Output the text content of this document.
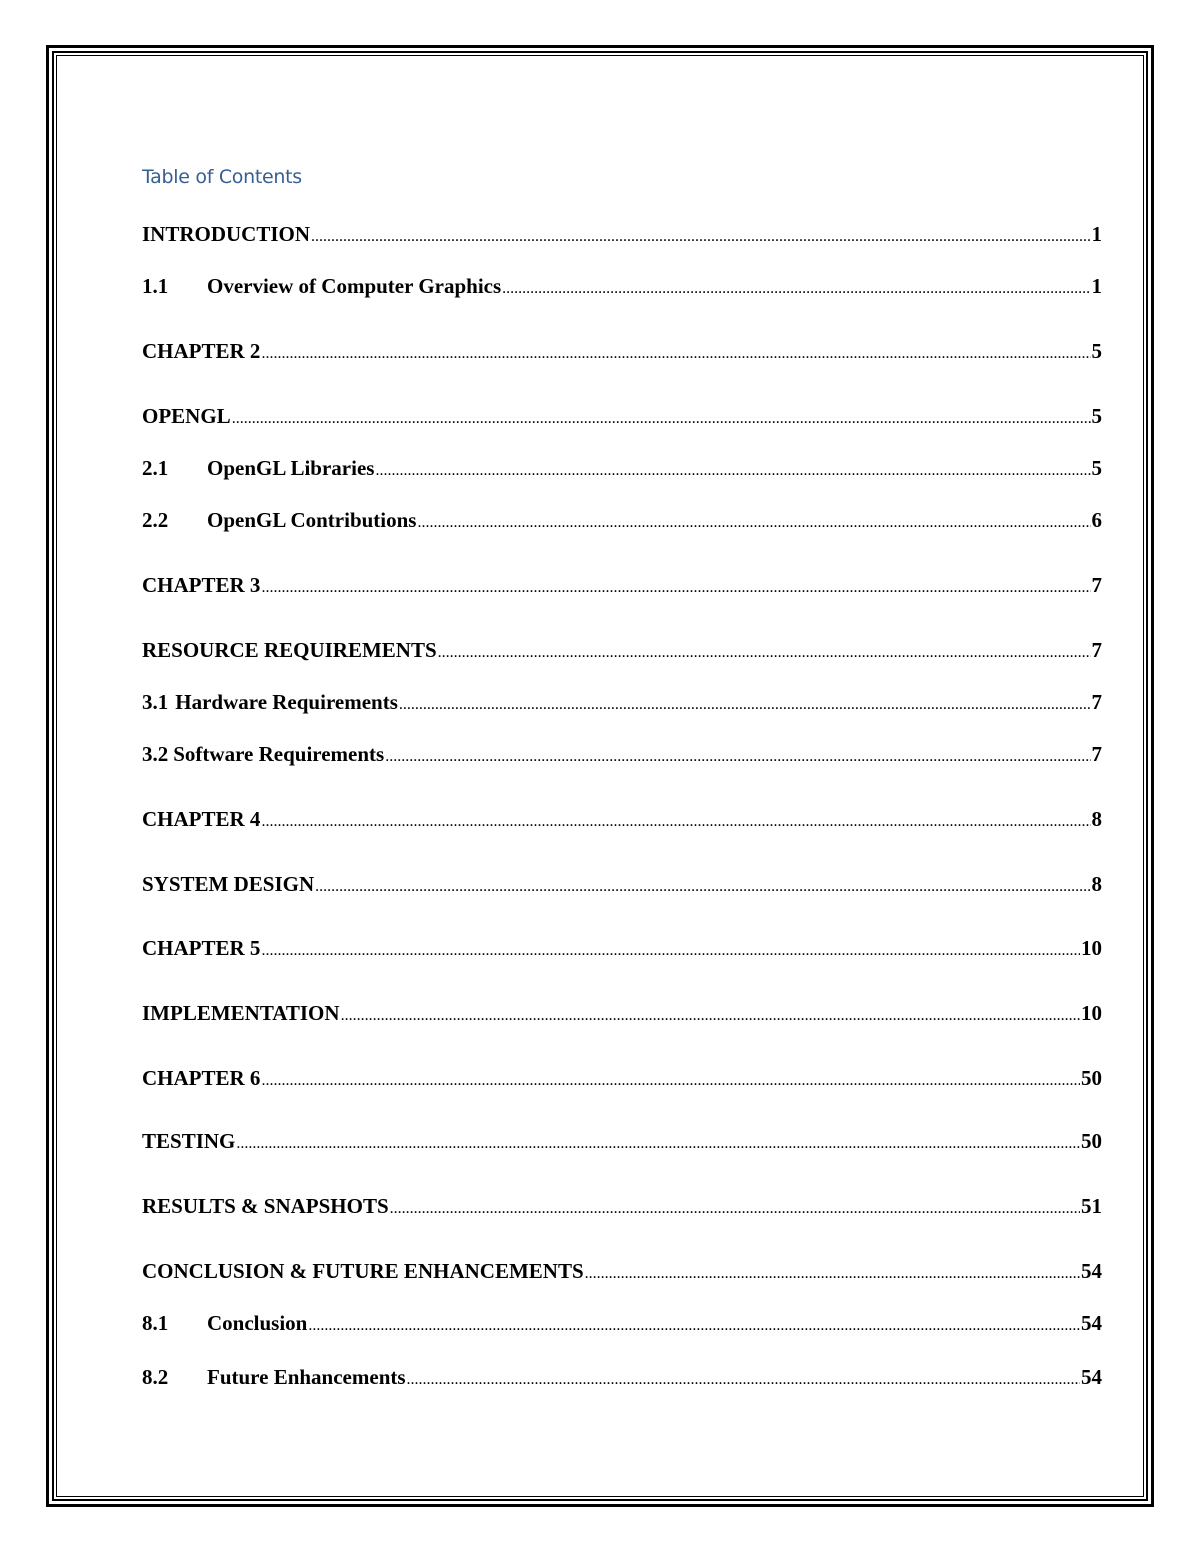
Table of Contents
INTRODUCTION .....	1
1.1	Overview of Computer Graphics .....	1
CHAPTER 2 .....	5
OPENGL .....	5
2.1	OpenGL Libraries .....	5
2.2	OpenGL Contributions .....	6
CHAPTER 3 .....	7
RESOURCE REQUIREMENTS .....	7
3.1 Hardware Requirements .....	7
3.2 Software Requirements .....	7
CHAPTER 4 .....	8
SYSTEM DESIGN .....	8
CHAPTER 5 .....	10
IMPLEMENTATION .....	10
CHAPTER 6 .....	50
TESTING .....	50
RESULTS & SNAPSHOTS .....	51
CONCLUSION & FUTURE ENHANCEMENTS .....	54
8.1	Conclusion .....	54
8.2	Future Enhancements .....	54
